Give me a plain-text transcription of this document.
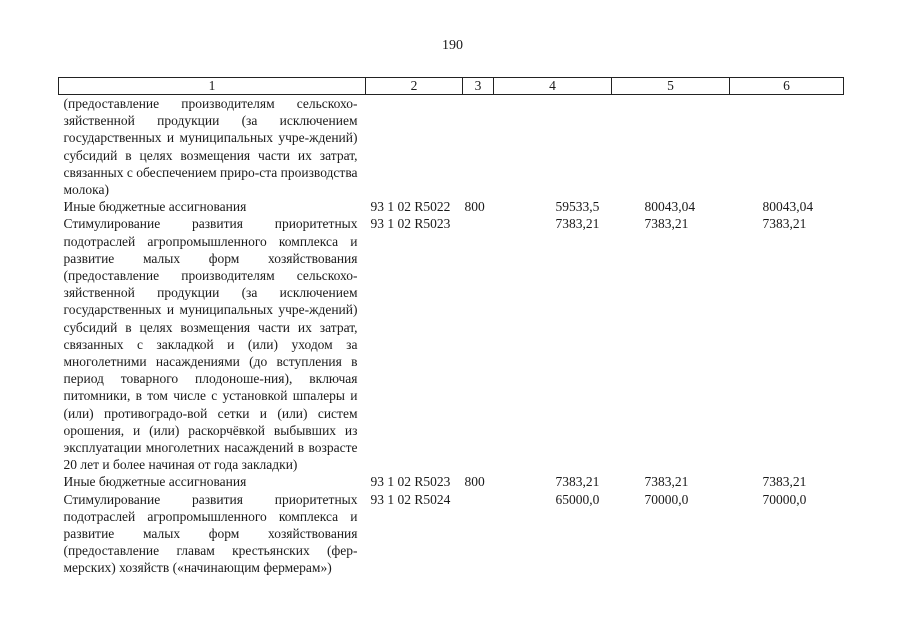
190
1	2	3	4	5	6
(предоставление производителям сельскохо-зяйственной продукции (за исключением государственных и муниципальных учре-ждений) субсидий в целях возмещения части их затрат, связанных с обеспечением приро-ста производства молока)					
Иные бюджетные ассигнования	93 1 02 R5022	800	59533,5	80043,04	80043,04
Стимулирование развития приоритетных подотраслей агропромышленного комплекса и развитие малых форм хозяйствования (предоставление производителям сельскохо-зяйственной продукции (за исключением государственных и муниципальных учре-ждений) субсидий в целях возмещения части их затрат, связанных с закладкой и (или) уходом за многолетними насаждениями (до вступления в период товарного плодоноше-ния), включая питомники, в том числе с установкой шпалеры и (или) противоградо-вой сетки и (или) систем орошения, и (или) раскорчёвкой выбывших из эксплуатации многолетних насаждений в возрасте 20 лет и более начиная от года закладки)	93 1 02 R5023		7383,21	7383,21	7383,21
Иные бюджетные ассигнования	93 1 02 R5023	800	7383,21	7383,21	7383,21
Стимулирование развития приоритетных подотраслей агропромышленного комплекса и развитие малых форм хозяйствования (предоставление главам крестьянских (фер-мерских) хозяйств («начинающим фермерам»)	93 1 02 R5024		65000,0	70000,0	70000,0
